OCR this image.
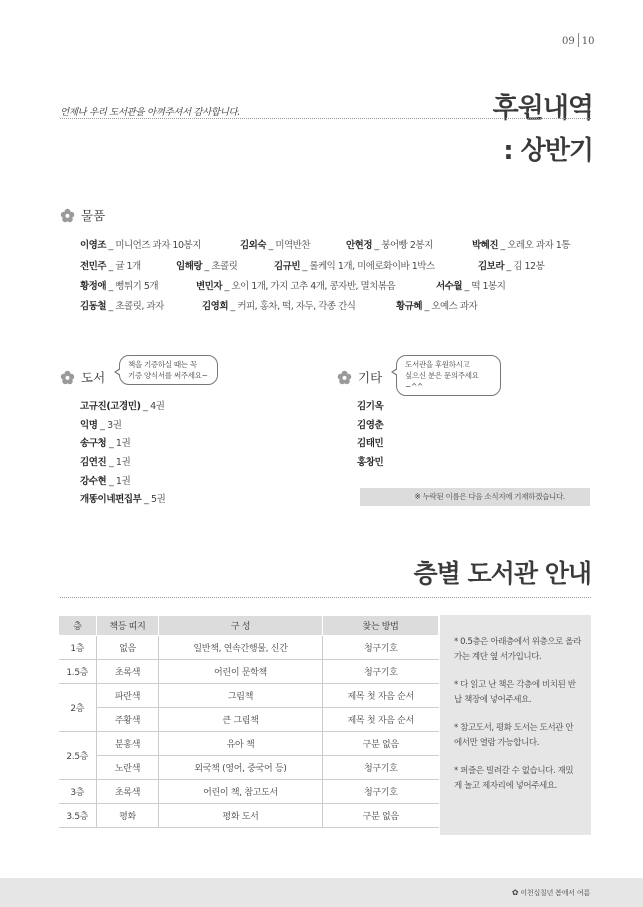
09 10
언제나 우리 도서관을 아껴주셔서 감사합니다.	후원내역
: 상반기
물품
이영조 _ 미니언즈 과자 10봉지	김외숙 _ 미역반찬	안현정 _ 붕어빵 2봉지	박혜진 _ 오레오 과자 1통
전민주 _ 귤 1개	임해랑 _ 초콜릿	김규빈 _ 롤케익 1개, 미에로화이바 1박스	김보라 _ 김 12봉
황정애 _ 뻥튀기 5개	변민자 _ 오이 1개, 가지 고추 4개, 콩자반, 멸치볶음	서수월 _ 떡 1봉지
김동철 _ 초콜릿, 과자	김영희 _ 커피, 홍차, 떡, 자두, 각종 간식	황규혜 _ 오예스 과자
도서
책을 기증하실 때는 꼭
기증 양식서를 써주세요~
고규진(고경민) _ 4권
익명 _ 3권
송구청 _ 1권
김연진 _ 1권
강수현 _ 1권
개똥이네편집부 _ 5권
기타
도서관을 후원하시고
싶으신 분은 문의주세요~^^
김기옥
김영춘
김태민
홍창민
※ 누락된 이름은 다음 소식지에 기재하겠습니다.
층별 도서관 안내
층	책등 띠지	구 성	찾는 방법
1층	없음	일반책, 연속간행물, 신간	청구기호
1.5층	초록색	어린이 문학책	청구기호
2층	파란색	그림책	제목 첫 자음 순서
	주황색	큰 그림책	제목 첫 자음 순서
2.5층	분홍색	유아 책	구분 없음
	노란색	외국책 (영어, 중국어 등)	청구기호
3층	초록색	어린이 책, 참고도서	청구기호
3.5층	평화	평화 도서	구분 없음
* 0.5층은 아래층에서 위층으로 올라가는 계단 옆 서가입니다.
* 다 읽고 난 책은 각층에 비치된 반납 책장에 넣어주세요.
* 참고도서, 평화 도서는 도서관 안에서만 열람 가능합니다.
* 퍼즐은 빌려갈 수 없습니다. 재밌게 놀고 제자리에 넣어주세요.
✿ 이천십칠년 봄에서 여름
